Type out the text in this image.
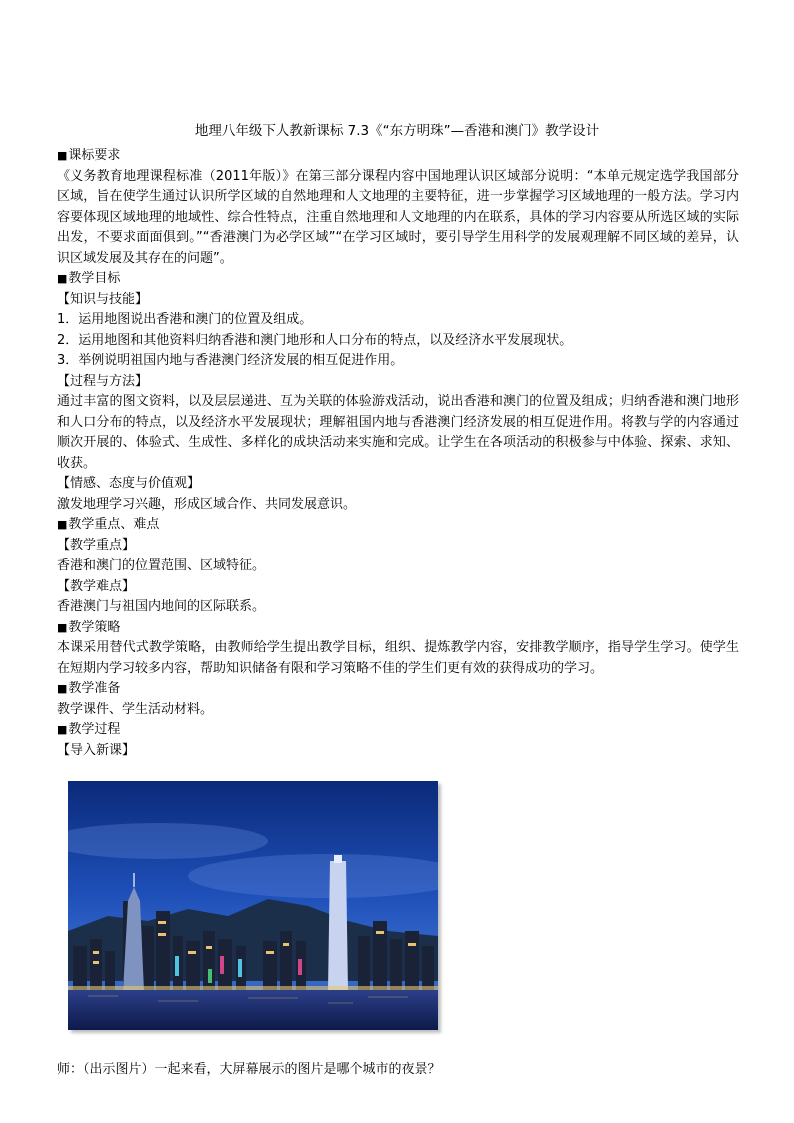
地理八年级下人教新课标 7.3《“东方明珠”—香港和澳门》教学设计
■ 课标要求
《义务教育地理课程标准（2011年版）》在第三部分课程内容中国地理认识区域部分说明：“本单元规定选学我国部分区域，旨在使学生通过认识所学区域的自然地理和人文地理的主要特征，进一步掌握学习区域地理的一般方法。学习内容要体现区域地理的地域性、综合性特点，注重自然地理和人文地理的内在联系，具体的学习内容要从所选区域的实际出发，不要求面面俱到。”“香港澳门为必学区域”“在学习区域时，要引导学生用科学的发展观理解不同区域的差异，认识区域发展及其存在的问题”。
■ 教学目标
【知识与技能】
1．运用地图说出香港和澳门的位置及组成。
2．运用地图和其他资料归纳香港和澳门地形和人口分布的特点，以及经济水平发展现状。
3．举例说明祖国内地与香港澳门经济发展的相互促进作用。
【过程与方法】
通过丰富的图文资料，以及层层递进、互为关联的体验游戏活动，说出香港和澳门的位置及组成；归纳香港和澳门地形和人口分布的特点，以及经济水平发展现状；理解祖国内地与香港澳门经济发展的相互促进作用。将教与学的内容通过顺次开展的、体验式、生成性、多样化的成块活动来实施和完成。让学生在各项活动的积极参与中体验、探索、求知、收获。
【情感、态度与价值观】
激发地理学习兴趣，形成区域合作、共同发展意识。
■ 教学重点、难点
【教学重点】
香港和澳门的位置范围、区域特征。
【教学难点】
香港澳门与祖国内地间的区际联系。
■ 教学策略
本课采用替代式教学策略，由教师给学生提出教学目标，组织、提炼教学内容，安排教学顺序，指导学生学习。使学生在短期内学习较多内容，帮助知识储备有限和学习策略不佳的学生们更有效的获得成功的学习。
■ 教学准备
教学课件、学生活动材料。
■ 教学过程
【导入新课】
师：（出示图片）一起来看，大屏幕展示的图片是哪个城市的夜景？
